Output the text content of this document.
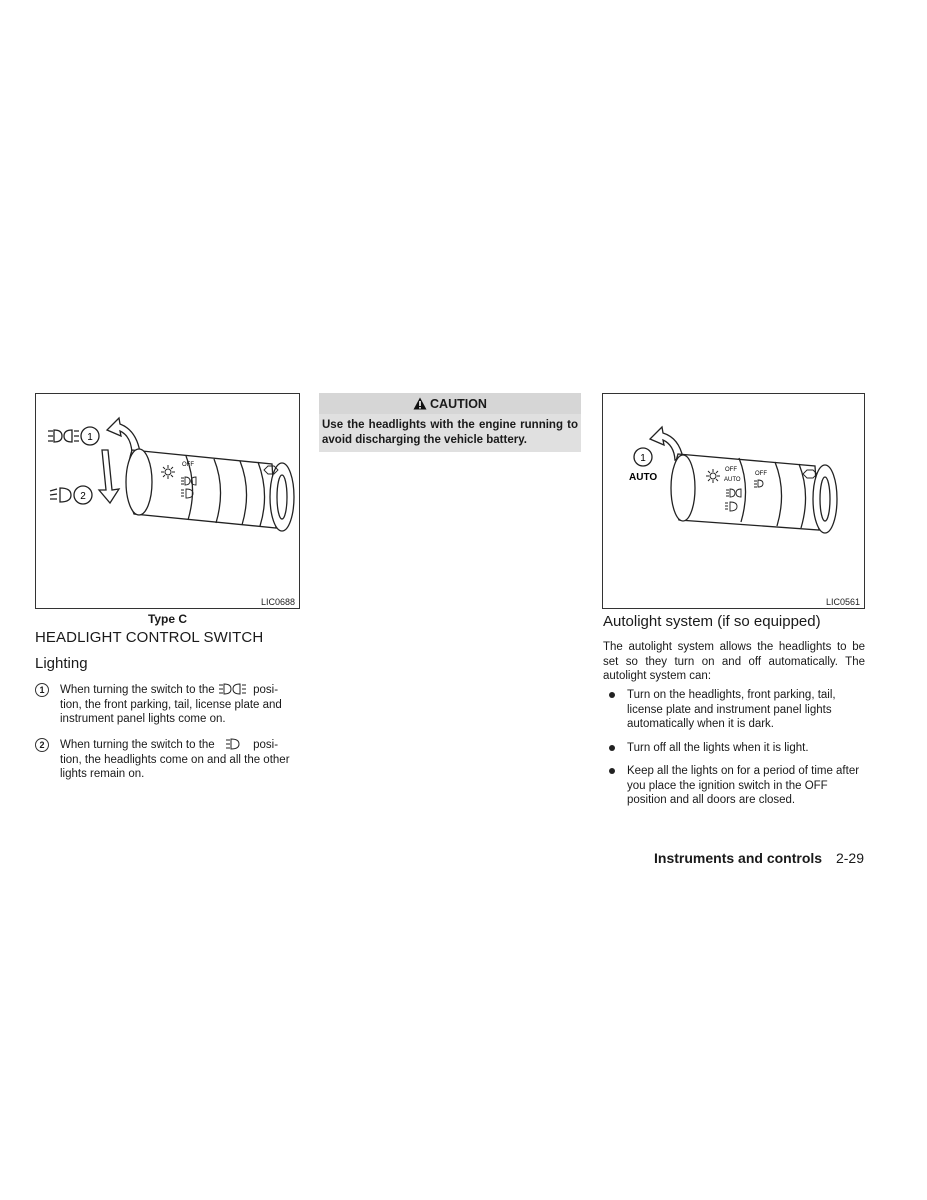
1
2
OFF
LIC0688
Type C
HEADLIGHT CONTROL SWITCH
Lighting
1	When turning the switch to the	posi-tion, the front parking, tail, license plate and instrument panel lights come on.
2	When turning the switch to the	posi-tion, the headlights come on and all the other lights remain on.
CAUTION
Use the headlights with the engine running to avoid discharging the vehicle battery.
1
AUTO
OFF
AUTO
OFF
LIC0561
Autolight system (if so equipped)

The autolight system allows the headlights to be set so they turn on and off automatically. The autolight system can:

Turn on the headlights, front parking, tail, license plate and instrument panel lights automatically when it is dark.
Turn off all the lights when it is light.
Keep all the lights on for a period of time after you place the ignition switch in the OFF position and all doors are closed.
Instruments and controls 2-29
